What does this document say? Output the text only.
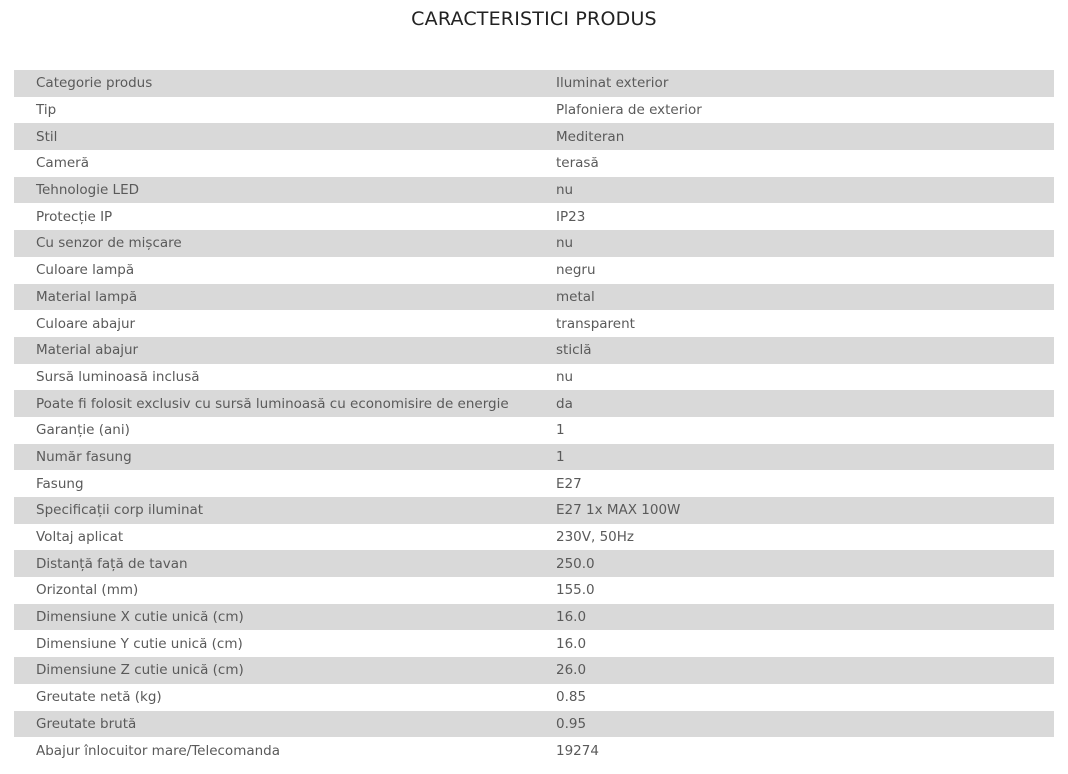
CARACTERISTICI PRODUS
Categorie produs	Iluminat exterior
Tip	Plafoniera de exterior
Stil	Mediteran
Cameră	terasă
Tehnologie LED	nu
Protecție IP	IP23
Cu senzor de mișcare	nu
Culoare lampă	negru
Material lampă	metal
Culoare abajur	transparent
Material abajur	sticlă
Sursă luminoasă inclusă	nu
Poate fi folosit exclusiv cu sursă luminoasă cu economisire de energie	da
Garanție (ani)	1
Număr fasung	1
Fasung	E27
Specificații corp iluminat	E27 1x MAX 100W
Voltaj aplicat	230V, 50Hz
Distanță față de tavan	250.0
Orizontal (mm)	155.0
Dimensiune X cutie unică (cm)	16.0
Dimensiune Y cutie unică (cm)	16.0
Dimensiune Z cutie unică (cm)	26.0
Greutate netă (kg)	0.85
Greutate brută	0.95
Abajur înlocuitor mare/Telecomanda	19274
